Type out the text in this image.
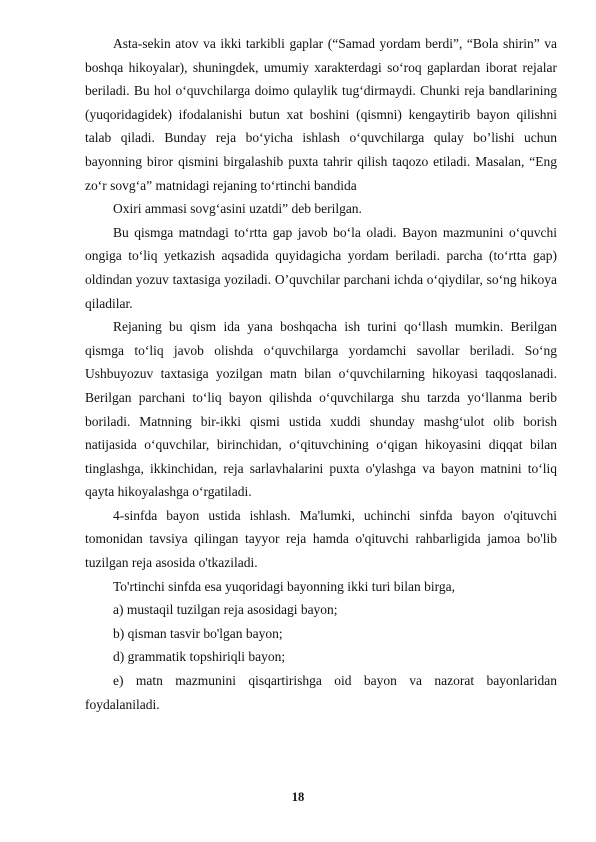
Asta-sekin atov va ikki tarkibli gaplar (“Samad yordam berdi”, “Bola shirin” va boshqa hikoyalar), shuningdek, umumiy xarakterdagi so‘roq gaplardan iborat rejalar beriladi. Bu hol o‘quvchilarga doimo qulaylik tug‘dirmaydi. Chunki reja bandlarining (yuqoridagidek) ifodalanishi butun xat boshini (qismni) kengaytirib bayon qilishni talab qiladi. Bunday reja bo‘yicha ishlash o‘quvchilarga qulay bo’lishi uchun bayonning biror qismini birgalashib puxta tahrir qilish taqozo etiladi. Masalan, “Eng zo‘r sovg‘a” matnidagi rejaning to‘rtinchi bandida

Oxiri ammasi sovg‘asini uzatdi” deb berilgan.

Bu qismga matndagi to‘rtta gap javob bo‘la oladi. Bayon mazmunini o‘quvchi ongiga to‘liq yetkazish aqsadida quyidagicha yordam beriladi. parcha (to‘rtta gap) oldindan yozuv taxtasiga yoziladi. O’quvchilar parchani ichda o‘qiydilar, so‘ng hikoya qiladilar.

Rejaning bu qism ida yana boshqacha ish turini qo‘llash mumkin. Berilgan qismga to‘liq javob olishda o‘quvchilarga yordamchi savollar beriladi. So‘ng Ushbuyozuv taxtasiga yozilgan matn bilan o‘quvchilarning hikoyasi taqqoslanadi. Berilgan parchani to‘liq bayon qilishda o‘quvchilarga shu tarzda yo‘llanma berib boriladi. Matnning bir-ikki qismi ustida xuddi shunday mashg‘ulot olib borish natijasida o‘quvchilar, birinchidan, o‘qituvchining o‘qigan hikoyasini diqqat bilan tinglashga, ikkinchidan, reja sarlavhalarini puxta o'ylashga va bayon matnini to‘liq qayta hikoyalashga o‘rgatiladi.

4-sinfda bayon ustida ishlash. Ma'lumki, uchinchi sinfda bayon o'qituvchi tomonidan tavsiya qilingan tayyor reja hamda o'qituvchi rahbarligida jamoa bo'lib tuzilgan reja asosida o'tkaziladi.

To'rtinchi sinfda esa yuqoridagi bayonning ikki turi bilan birga,

a) mustaqil tuzilgan reja asosidagi bayon;

b) qisman tasvir bo'lgan bayon;

d) grammatik topshiriqli bayon;

e) matn mazmunini qisqartirishga oid bayon va nazorat bayonlaridan foydalaniladi.

18
